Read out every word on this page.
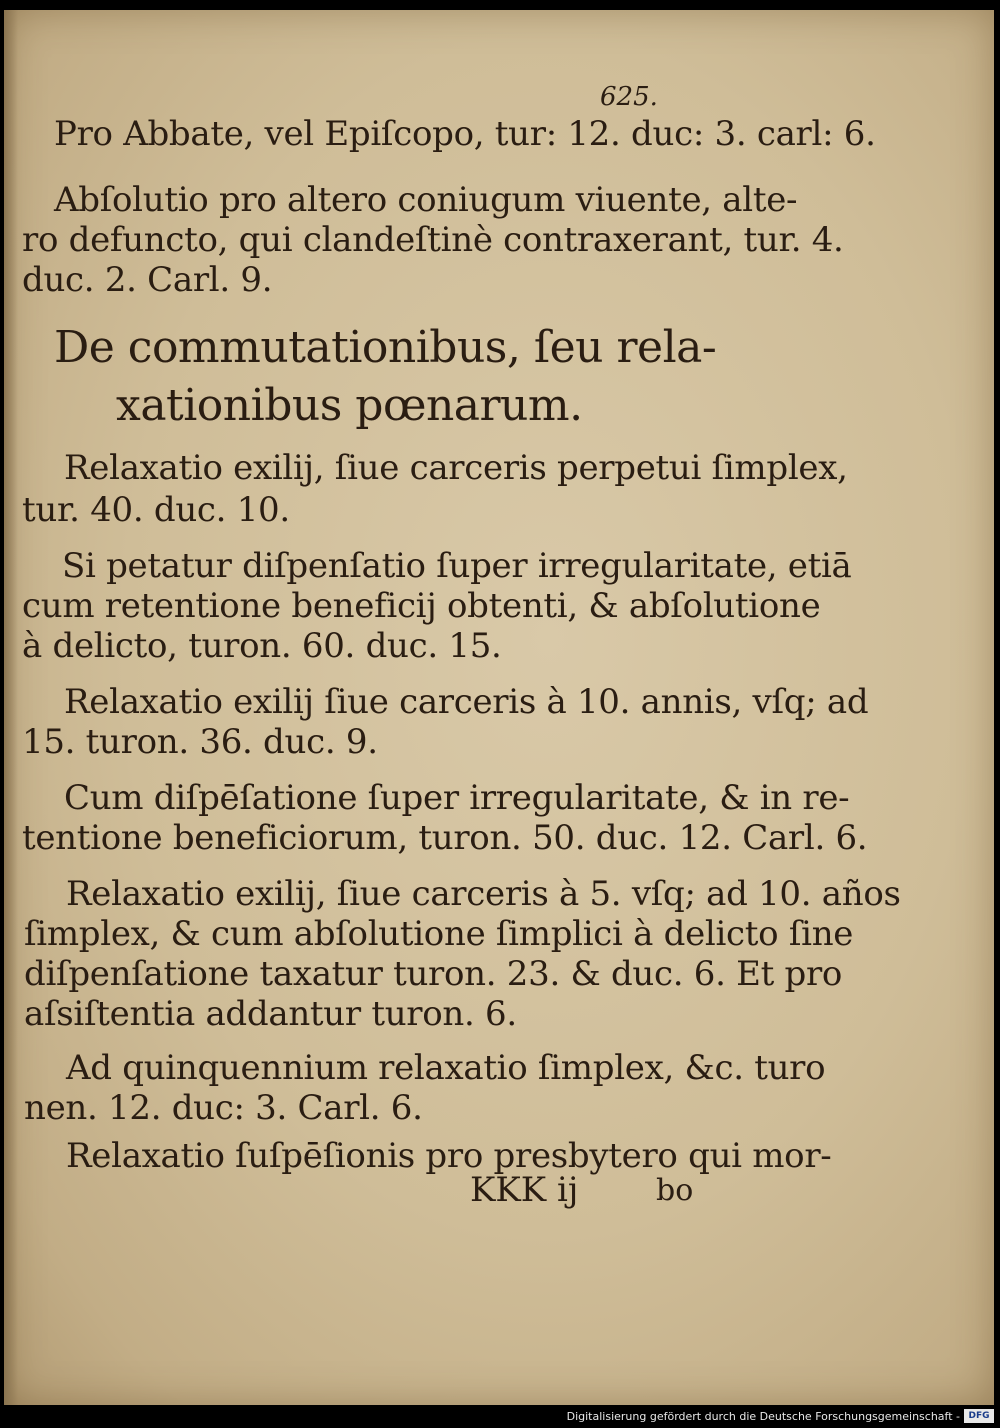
625.
Pro Abbate, vel Epiſcopo, tur: 12. duc: 3. carl: 6.
Abſolutio pro altero coniugum viuente, alte-
ro defuncto, qui clandeſtinè contraxerant, tur. 4.
duc. 2. Carl. 9.
De commutationibus, ſeu rela-
xationibus pœnarum.
Relaxatio exilij, ſiue carceris perpetui ſimplex,
tur. 40. duc. 10.
Si petatur diſpenſatio ſuper irregularitate, etiā
cum retentione beneficij obtenti, & abſolutione
à delicto, turon. 60. duc. 15.
Relaxatio exilij ſiue carceris à 10. annis, vſq; ad
15. turon. 36. duc. 9.
Cum diſpēſatione ſuper irregularitate, & in re-
tentione beneficiorum, turon. 50. duc. 12. Carl. 6.
Relaxatio exilij, ſiue carceris à 5. vſq; ad 10. años
ſimplex, & cum abſolutione ſimplici à delicto ſine
diſpenſatione taxatur turon. 23. & duc. 6. Et pro
aſsiſtentia addantur turon. 6.
Ad quinquennium relaxatio ſimplex, &c. turo
nen. 12. duc: 3. Carl. 6.
Relaxatio ſuſpēſionis pro presbytero qui mor-
KKK ij	bo
Digitalisierung gefördert durch die Deutsche Forschungsgemeinschaft - DFG
